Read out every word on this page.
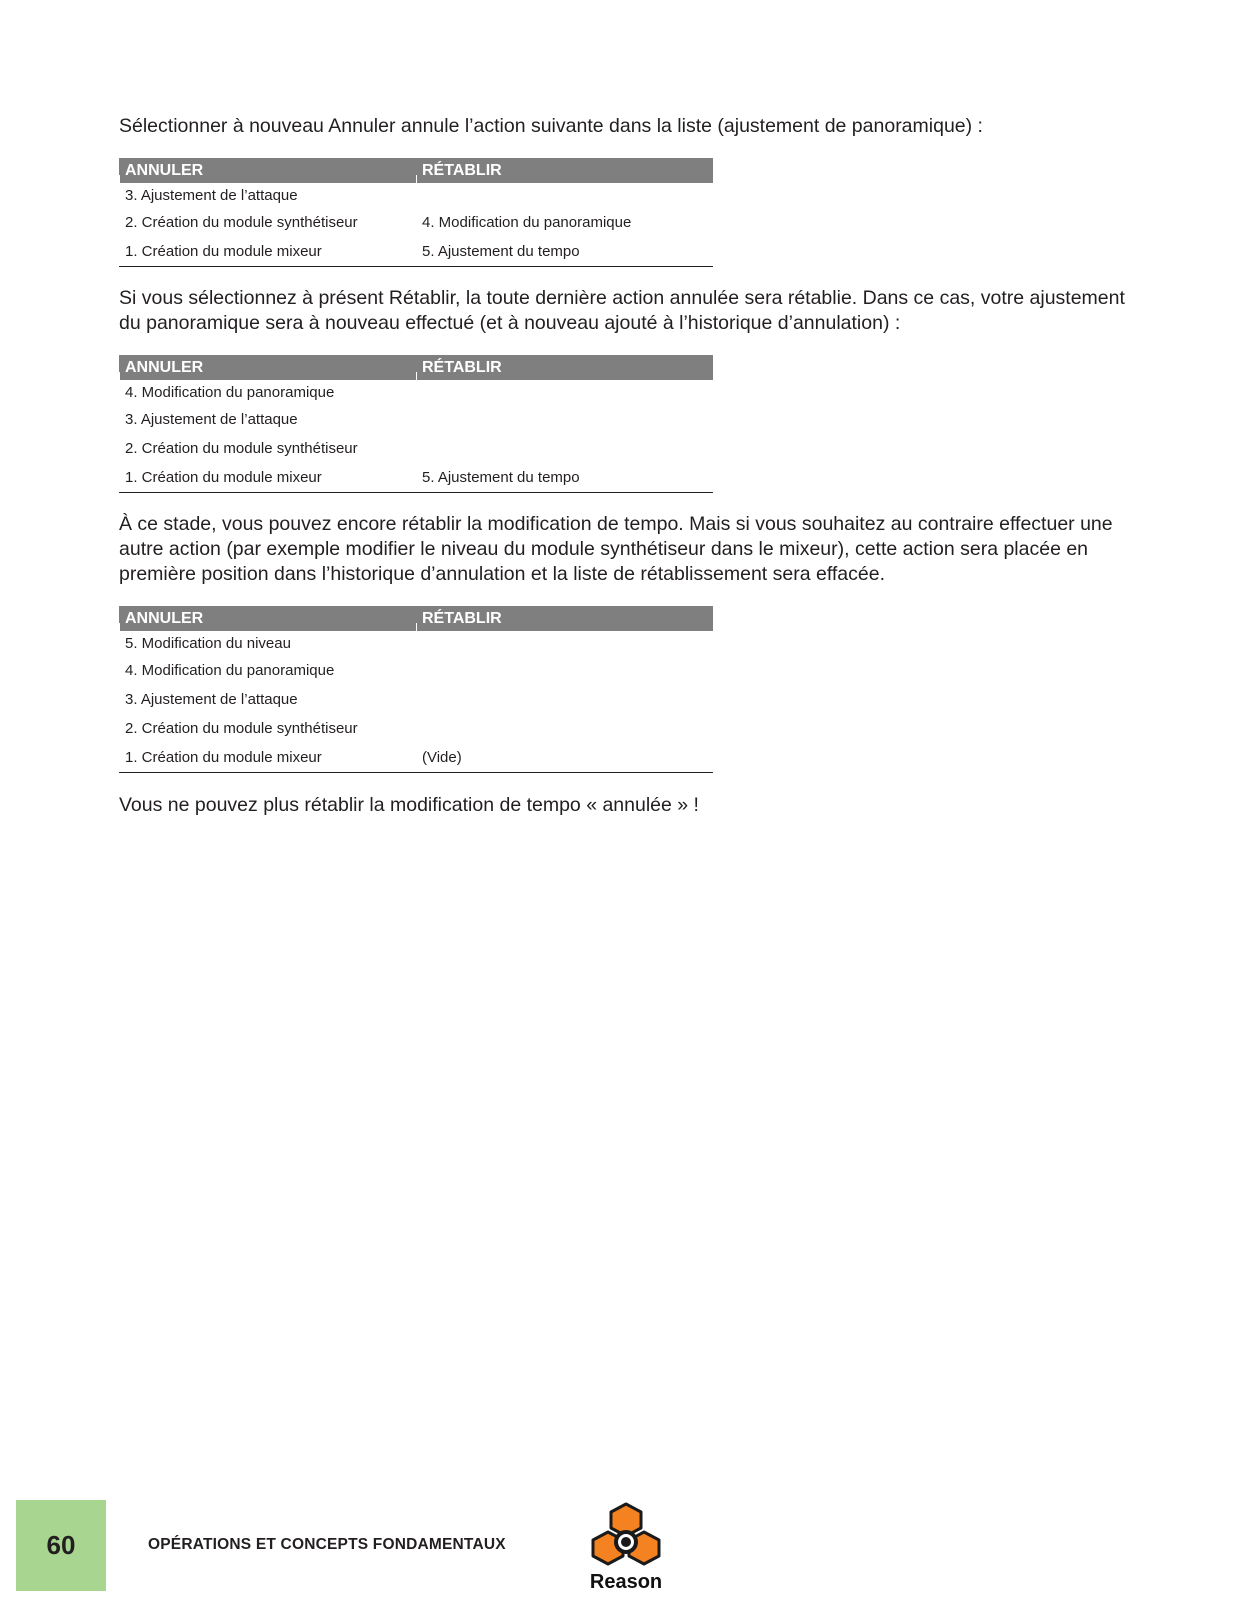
Sélectionner à nouveau Annuler annule l’action suivante dans la liste (ajustement de panoramique) :

ANNULER	RÉTABLIR
3. Ajustement de l’attaque	
2. Création du module synthétiseur	4. Modification du panoramique
1. Création du module mixeur	5. Ajustement du tempo

Si vous sélectionnez à présent Rétablir, la toute dernière action annulée sera rétablie. Dans ce cas, votre ajustement du panoramique sera à nouveau effectué (et à nouveau ajouté à l’historique d’annulation) :

ANNULER	RÉTABLIR
4. Modification du panoramique	
3. Ajustement de l’attaque	
2. Création du module synthétiseur	
1. Création du module mixeur	5. Ajustement du tempo

À ce stade, vous pouvez encore rétablir la modification de tempo. Mais si vous souhaitez au contraire effectuer une autre action (par exemple modifier le niveau du module synthétiseur dans le mixeur), cette action sera placée en première position dans l’historique d’annulation et la liste de rétablissement sera effacée.

ANNULER	RÉTABLIR
5. Modification du niveau	
4. Modification du panoramique	
3. Ajustement de l’attaque	
2. Création du module synthétiseur	
1. Création du module mixeur	(Vide)

Vous ne pouvez plus rétablir la modification de tempo « annulée » !

60	OPÉRATIONS ET CONCEPTS FONDAMENTAUX
Reason
